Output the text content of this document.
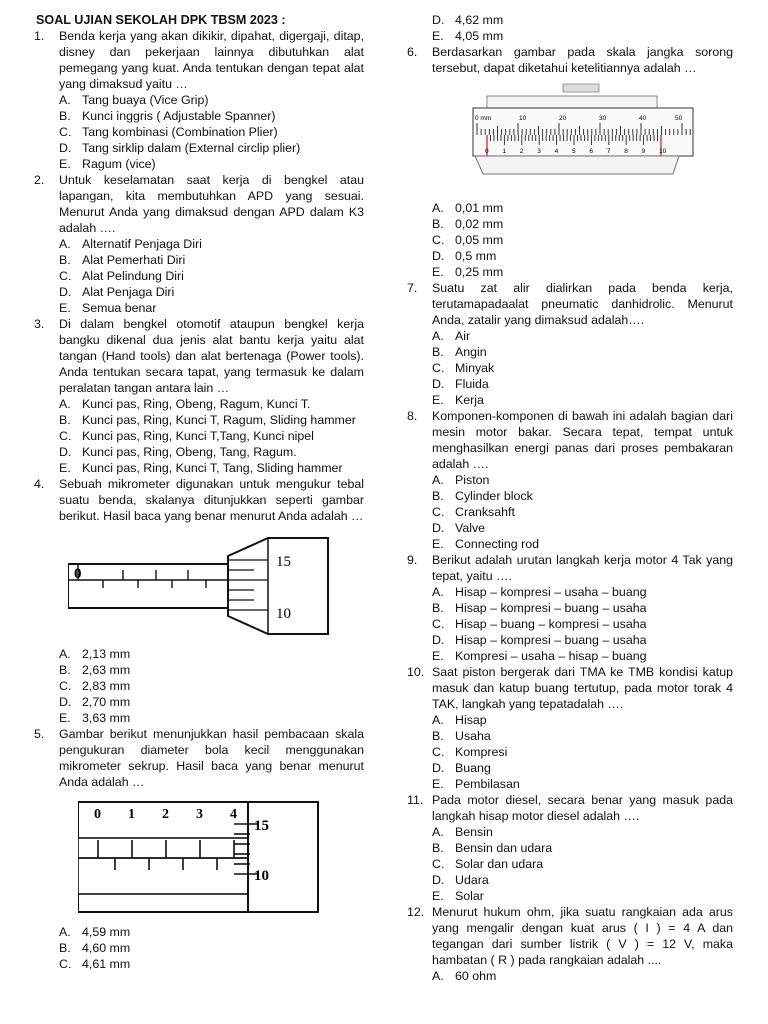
SOAL UJIAN SEKOLAH DPK TBSM 2023 :
1. Benda kerja yang akan dikikir, dipahat, digergaji, ditap, disney dan pekerjaan lainnya dibutuhkan alat pemegang yang kuat. Anda tentukan dengan tepat alat yang dimaksud yaitu …
A. Tang buaya (Vice Grip)
B. Kunci inggris ( Adjustable Spanner)
C. Tang kombinasi (Combination Plier)
D. Tang sirklip dalam (External circlip plier)
E. Ragum (vice)
2. Untuk keselamatan saat kerja di bengkel atau lapangan, kita membutuhkan APD yang sesuai. Menurut Anda yang dimaksud dengan APD dalam K3 adalah ….
A. Alternatif Penjaga Diri
B. Alat Pemerhati Diri
C. Alat Pelindung Diri
D. Alat Penjaga Diri
E. Semua benar
3. Di dalam bengkel otomotif ataupun bengkel kerja bangku dikenal dua jenis alat bantu kerja yaitu alat tangan (Hand tools) dan alat bertenaga (Power tools). Anda tentukan secara tapat, yang termasuk ke dalam peralatan tangan antara lain …
A. Kunci pas, Ring, Obeng, Ragum, Kunci T.
B. Kunci pas, Ring, Kunci T, Ragum, Sliding hammer
C. Kunci pas, Ring, Kunci T,Tang, Kunci nipel
D. Kunci pas, Ring, Obeng, Tang, Ragum.
E. Kunci pas, Ring, Kunci T, Tang, Sliding hammer
4. Sebuah mikrometer digunakan untuk mengukur tebal suatu benda, skalanya ditunjukkan seperti gambar berikut. Hasil baca yang benar menurut Anda adalah …
0
15
10
A. 2,13 mm
B. 2,63 mm
C. 2,83 mm
D. 2,70 mm
E. 3,63 mm
5. Gambar berikut menunjukkan hasil pembacaan skala pengukuran diameter bola kecil menggunakan mikrometer sekrup. Hasil baca yang benar menurut Anda adalah …
0 1 2 3 4
15
10
A. 4,59 mm
B. 4,60 mm
C. 4,61 mm
D. 4,62 mm
E. 4,05 mm
6. Berdasarkan gambar pada skala jangka sorong tersebut, dapat diketahui ketelitiannya adalah …
0 mm	10	20	30	40	50
0 1 2 3 4 5 6 7 8 9 10
A. 0,01 mm
B. 0,02 mm
C. 0,05 mm
D. 0,5 mm
E. 0,25 mm
7. Suatu zat alir dialirkan pada benda kerja, terutamapadaalat pneumatic danhidrolic. Menurut Anda, zatalir yang dimaksud adalah….
A. Air
B. Angin
C. Minyak
D. Fluida
E. Kerja
8. Komponen-komponen di bawah ini adalah bagian dari mesin motor bakar. Secara tepat, tempat untuk menghasilkan energi panas dari proses pembakaran adalah ….
A. Piston
B. Cylinder block
C. Cranksahft
D. Valve
E. Connecting rod
9. Berikut adalah urutan langkah kerja motor 4 Tak yang tepat, yaitu ….
A. Hisap – kompresi – usaha – buang
B. Hisap – kompresi – buang – usaha
C. Hisap – buang – kompresi – usaha
D. Hisap – kompresi – buang – usaha
E. Kompresi – usaha – hisap – buang
10. Saat piston bergerak dari TMA ke TMB kondisi katup masuk dan katup buang tertutup, pada motor torak 4 TAK, langkah yang tepatadalah ….
A. Hisap
B. Usaha
C. Kompresi
D. Buang
E. Pembilasan
11. Pada motor diesel, secara benar yang masuk pada langkah hisap motor diesel adalah ….
A. Bensin
B. Bensin dan udara
C. Solar dan udara
D. Udara
E. Solar
12. Menurut hukum ohm, jika suatu rangkaian ada arus yang mengalir dengan kuat arus ( I ) = 4 A dan tegangan dari sumber listrik ( V ) = 12 V, maka hambatan ( R ) pada rangkaian adalah ....
A. 60 ohm
